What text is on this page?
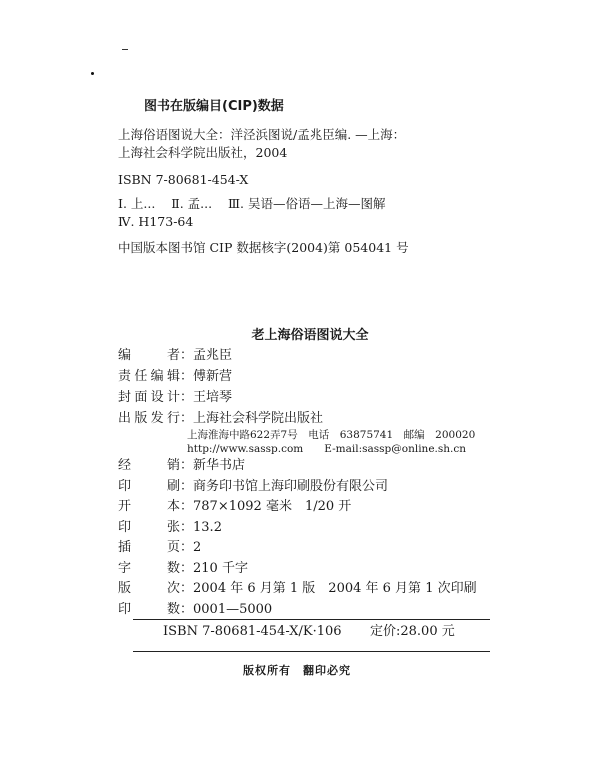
图书在版编目(CIP)数据
上海俗语图说大全：洋泾浜图说/孟兆臣编. —上海：
上海社会科学院出版社，2004
ISBN 7-80681-454-X
Ⅰ. 上...    Ⅱ. 孟...    Ⅲ. 吴语—俗语—上海—图解
Ⅳ. H173-64
中国版本图书馆 CIP 数据核字(2004)第 054041 号
老上海俗语图说大全
编者 ： 孟兆臣
责任编辑 ： 傅新营
封面设计 ： 王培琴
出版发行 ： 上海社会科学院出版社
上海淮海中路622弄7号　电话　63875741　邮编　200020
http://www.sassp.com　　E-mail:sassp@online.sh.cn
经销 ： 新华书店
印刷 ： 商务印书馆上海印刷股份有限公司
开本 ： 787×1092 毫米　1/20 开
印张 ： 13.2
插页 ： 2
字数 ： 210 千字
版次 ： 2004 年 6 月第 1 版　2004 年 6 月第 1 次印刷
印数 ： 0001—5000
ISBN 7-80681-454-X/K·106 定价:28.00 元
版权所有　翻印必究
